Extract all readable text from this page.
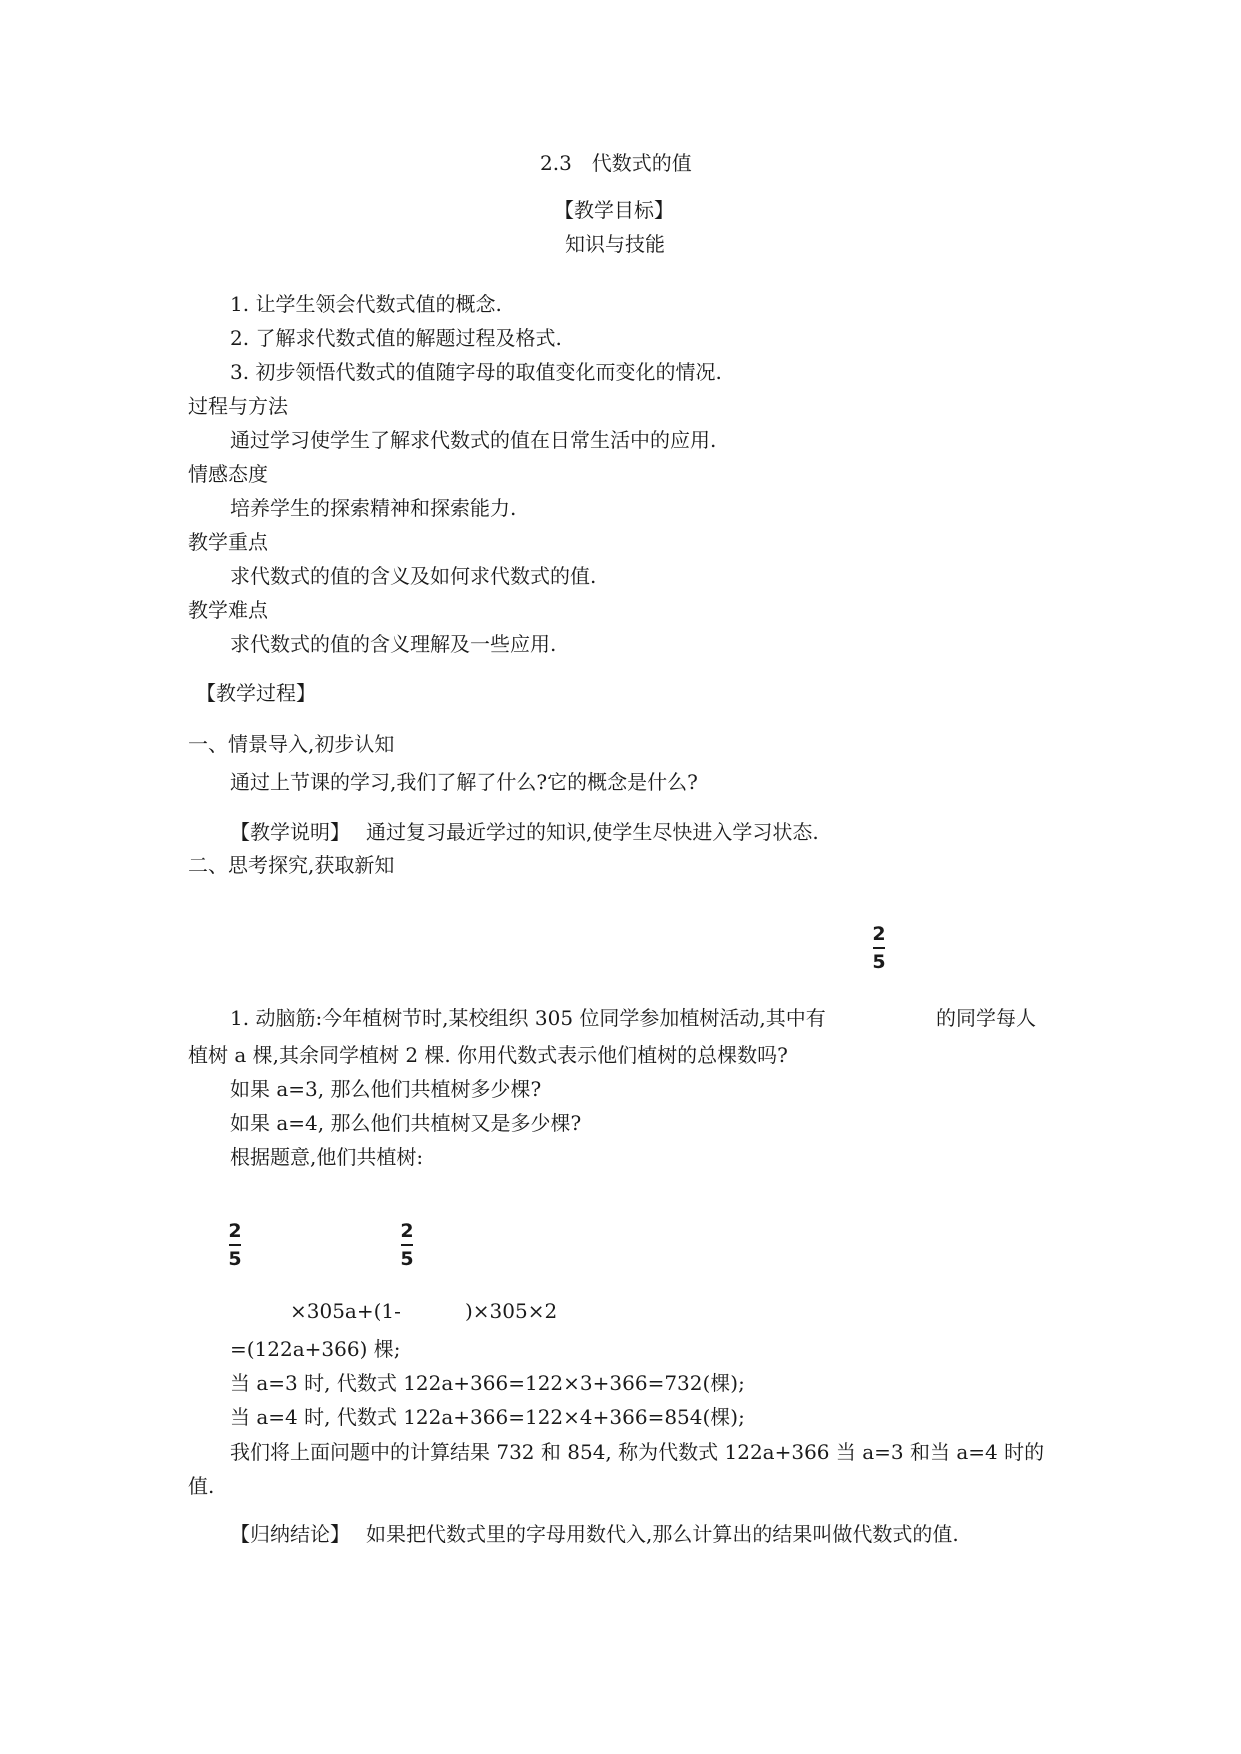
2.3　代数式的值
【教学目标】
知识与技能
1. 让学生领会代数式值的概念.
2. 了解求代数式值的解题过程及格式.
3. 初步领悟代数式的值随字母的取值变化而变化的情况.
过程与方法
通过学习使学生了解求代数式的值在日常生活中的应用.
情感态度
培养学生的探索精神和探索能力.
教学重点
求代数式的值的含义及如何求代数式的值.
教学难点
求代数式的值的含义理解及一些应用.
【教学过程】
一、情景导入,初步认知
通过上节课的学习,我们了解了什么?它的概念是什么?
【教学说明】 通过复习最近学过的知识,使学生尽快进入学习状态.
二、思考探究,获取新知
2
5
1. 动脑筋:今年植树节时,某校组织 305 位同学参加植树活动,其中有	的同学每人
植树 a 棵,其余同学植树 2 棵. 你用代数式表示他们植树的总棵数吗?
如果 a=3, 那么他们共植树多少棵?
如果 a=4, 那么他们共植树又是多少棵?
根据题意,他们共植树:
2
5
2
5
×305a+(1-	)×305×2
=(122a+366) 棵;
当 a=3 时, 代数式 122a+366=122×3+366=732(棵);
当 a=4 时, 代数式 122a+366=122×4+366=854(棵);
我们将上面问题中的计算结果 732 和 854, 称为代数式 122a+366 当 a=3 和当 a=4 时的
值.
【归纳结论】 如果把代数式里的字母用数代入,那么计算出的结果叫做代数式的值.
